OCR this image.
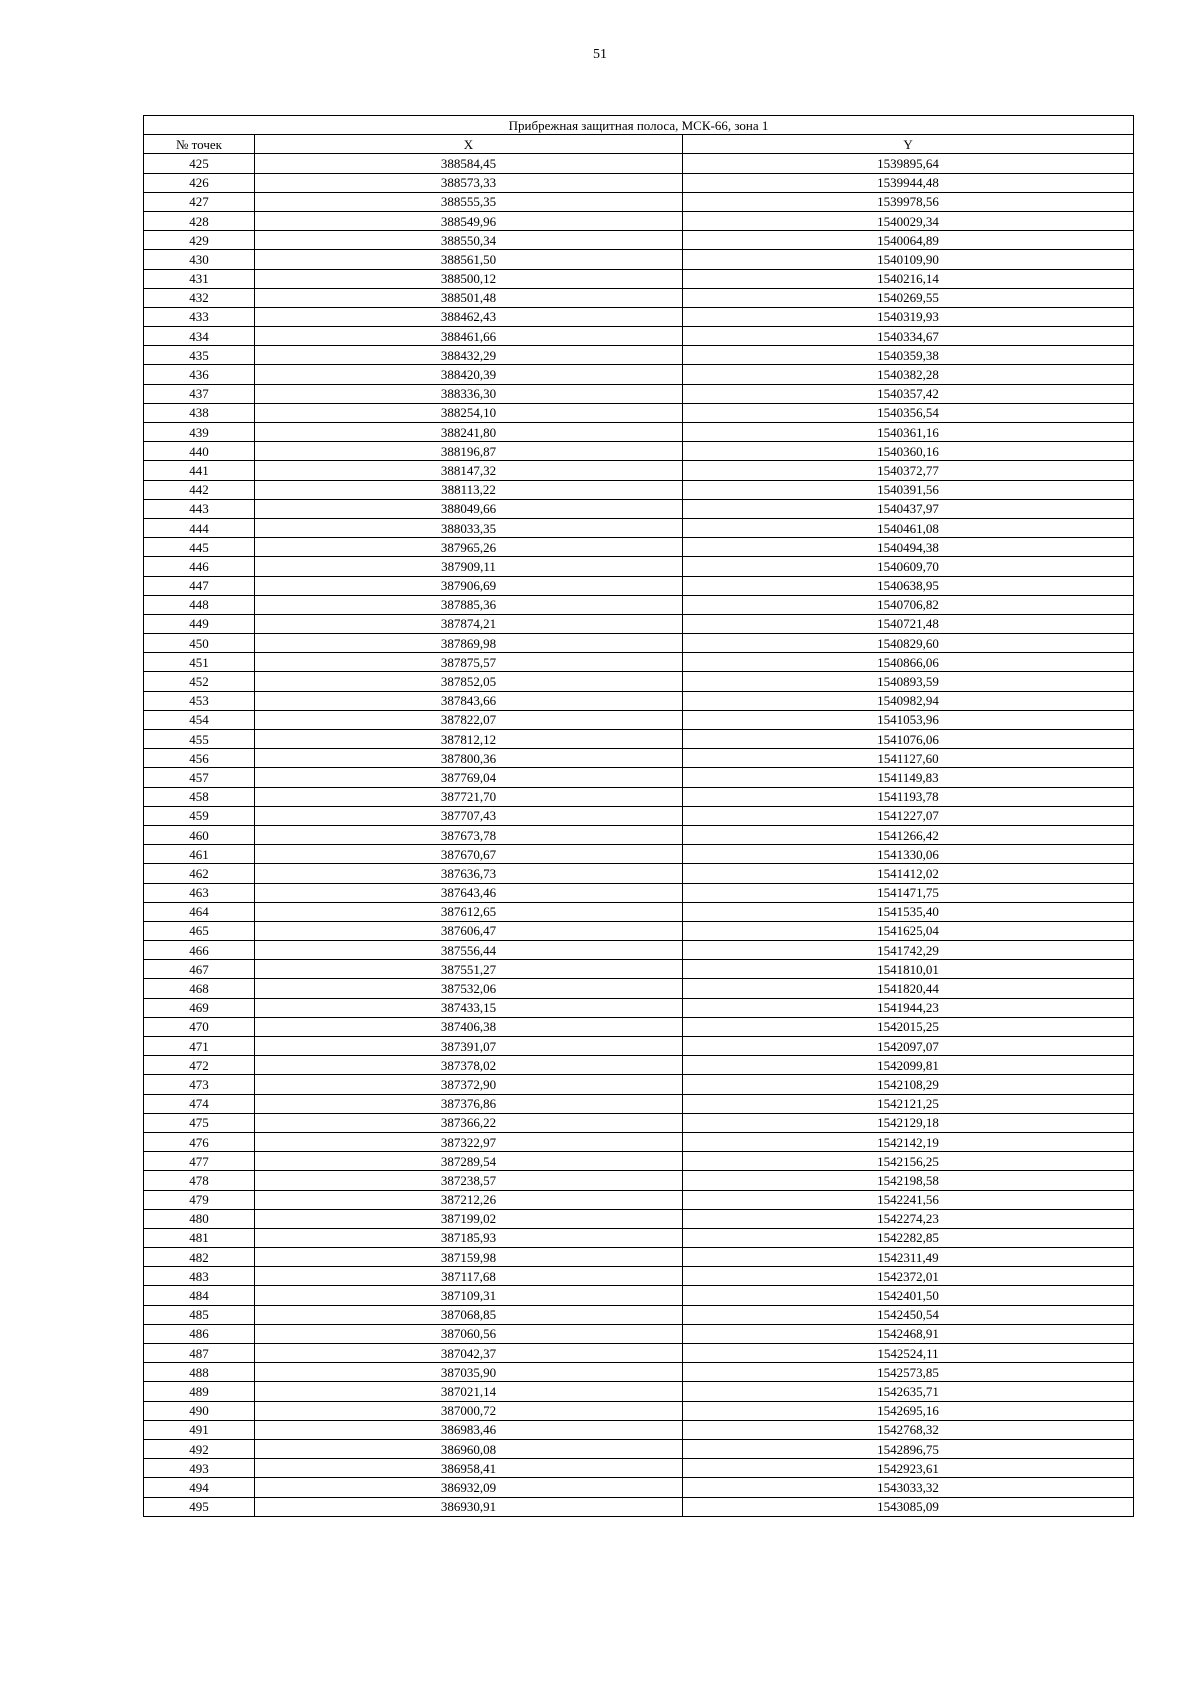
51
Прибрежная защитная полоса, МСК-66, зона 1		
№ точек	X	Y
425	388584,45	1539895,64
426	388573,33	1539944,48
427	388555,35	1539978,56
428	388549,96	1540029,34
429	388550,34	1540064,89
430	388561,50	1540109,90
431	388500,12	1540216,14
432	388501,48	1540269,55
433	388462,43	1540319,93
434	388461,66	1540334,67
435	388432,29	1540359,38
436	388420,39	1540382,28
437	388336,30	1540357,42
438	388254,10	1540356,54
439	388241,80	1540361,16
440	388196,87	1540360,16
441	388147,32	1540372,77
442	388113,22	1540391,56
443	388049,66	1540437,97
444	388033,35	1540461,08
445	387965,26	1540494,38
446	387909,11	1540609,70
447	387906,69	1540638,95
448	387885,36	1540706,82
449	387874,21	1540721,48
450	387869,98	1540829,60
451	387875,57	1540866,06
452	387852,05	1540893,59
453	387843,66	1540982,94
454	387822,07	1541053,96
455	387812,12	1541076,06
456	387800,36	1541127,60
457	387769,04	1541149,83
458	387721,70	1541193,78
459	387707,43	1541227,07
460	387673,78	1541266,42
461	387670,67	1541330,06
462	387636,73	1541412,02
463	387643,46	1541471,75
464	387612,65	1541535,40
465	387606,47	1541625,04
466	387556,44	1541742,29
467	387551,27	1541810,01
468	387532,06	1541820,44
469	387433,15	1541944,23
470	387406,38	1542015,25
471	387391,07	1542097,07
472	387378,02	1542099,81
473	387372,90	1542108,29
474	387376,86	1542121,25
475	387366,22	1542129,18
476	387322,97	1542142,19
477	387289,54	1542156,25
478	387238,57	1542198,58
479	387212,26	1542241,56
480	387199,02	1542274,23
481	387185,93	1542282,85
482	387159,98	1542311,49
483	387117,68	1542372,01
484	387109,31	1542401,50
485	387068,85	1542450,54
486	387060,56	1542468,91
487	387042,37	1542524,11
488	387035,90	1542573,85
489	387021,14	1542635,71
490	387000,72	1542695,16
491	386983,46	1542768,32
492	386960,08	1542896,75
493	386958,41	1542923,61
494	386932,09	1543033,32
495	386930,91	1543085,09
